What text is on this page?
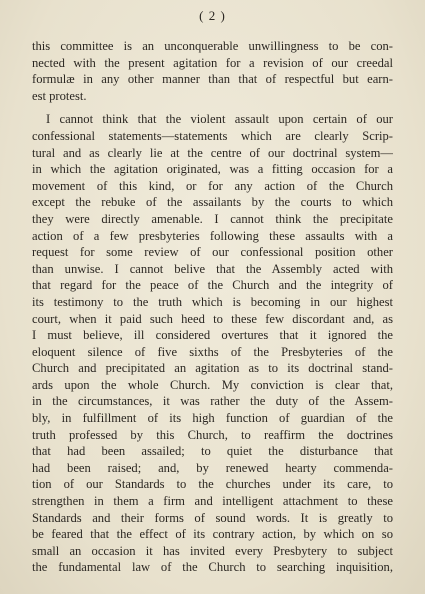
( 2 )
this committee is an unconquerable unwillingness to be con-
nected with the present agitation for a revision of our creedal
formulæ in any other manner than that of respectful but earn-
est protest.
I cannot think that the violent assault upon certain of our
confessional statements—statements which are clearly Scrip-
tural and as clearly lie at the centre of our doctrinal system—
in which the agitation originated, was a fitting occasion for a
movement of this kind, or for any action of the Church
except the rebuke of the assailants by the courts to which
they were directly amenable. I cannot think the precipitate
action of a few presbyteries following these assaults with a
request for some review of our confessional position other
than unwise. I cannot belive that the Assembly acted with
that regard for the peace of the Church and the integrity of
its testimony to the truth which is becoming in our highest
court, when it paid such heed to these few discordant and, as
I must believe, ill considered overtures that it ignored the
eloquent silence of five sixths of the Presbyteries of the
Church and precipitated an agitation as to its doctrinal stand-
ards upon the whole Church. My conviction is clear that,
in the circumstances, it was rather the duty of the Assem-
bly, in fulfillment of its high function of guardian of the
truth professed by this Church, to reaffirm the doctrines
that had been assailed; to quiet the disturbance that
had been raised; and, by renewed hearty commenda-
tion of our Standards to the churches under its care, to
strengthen in them a firm and intelligent attachment to these
Standards and their forms of sound words. It is greatly to
be feared that the effect of its contrary action, by which on so
small an occasion it has invited every Presbytery to subject
the fundamental law of the Church to searching inquisition,
